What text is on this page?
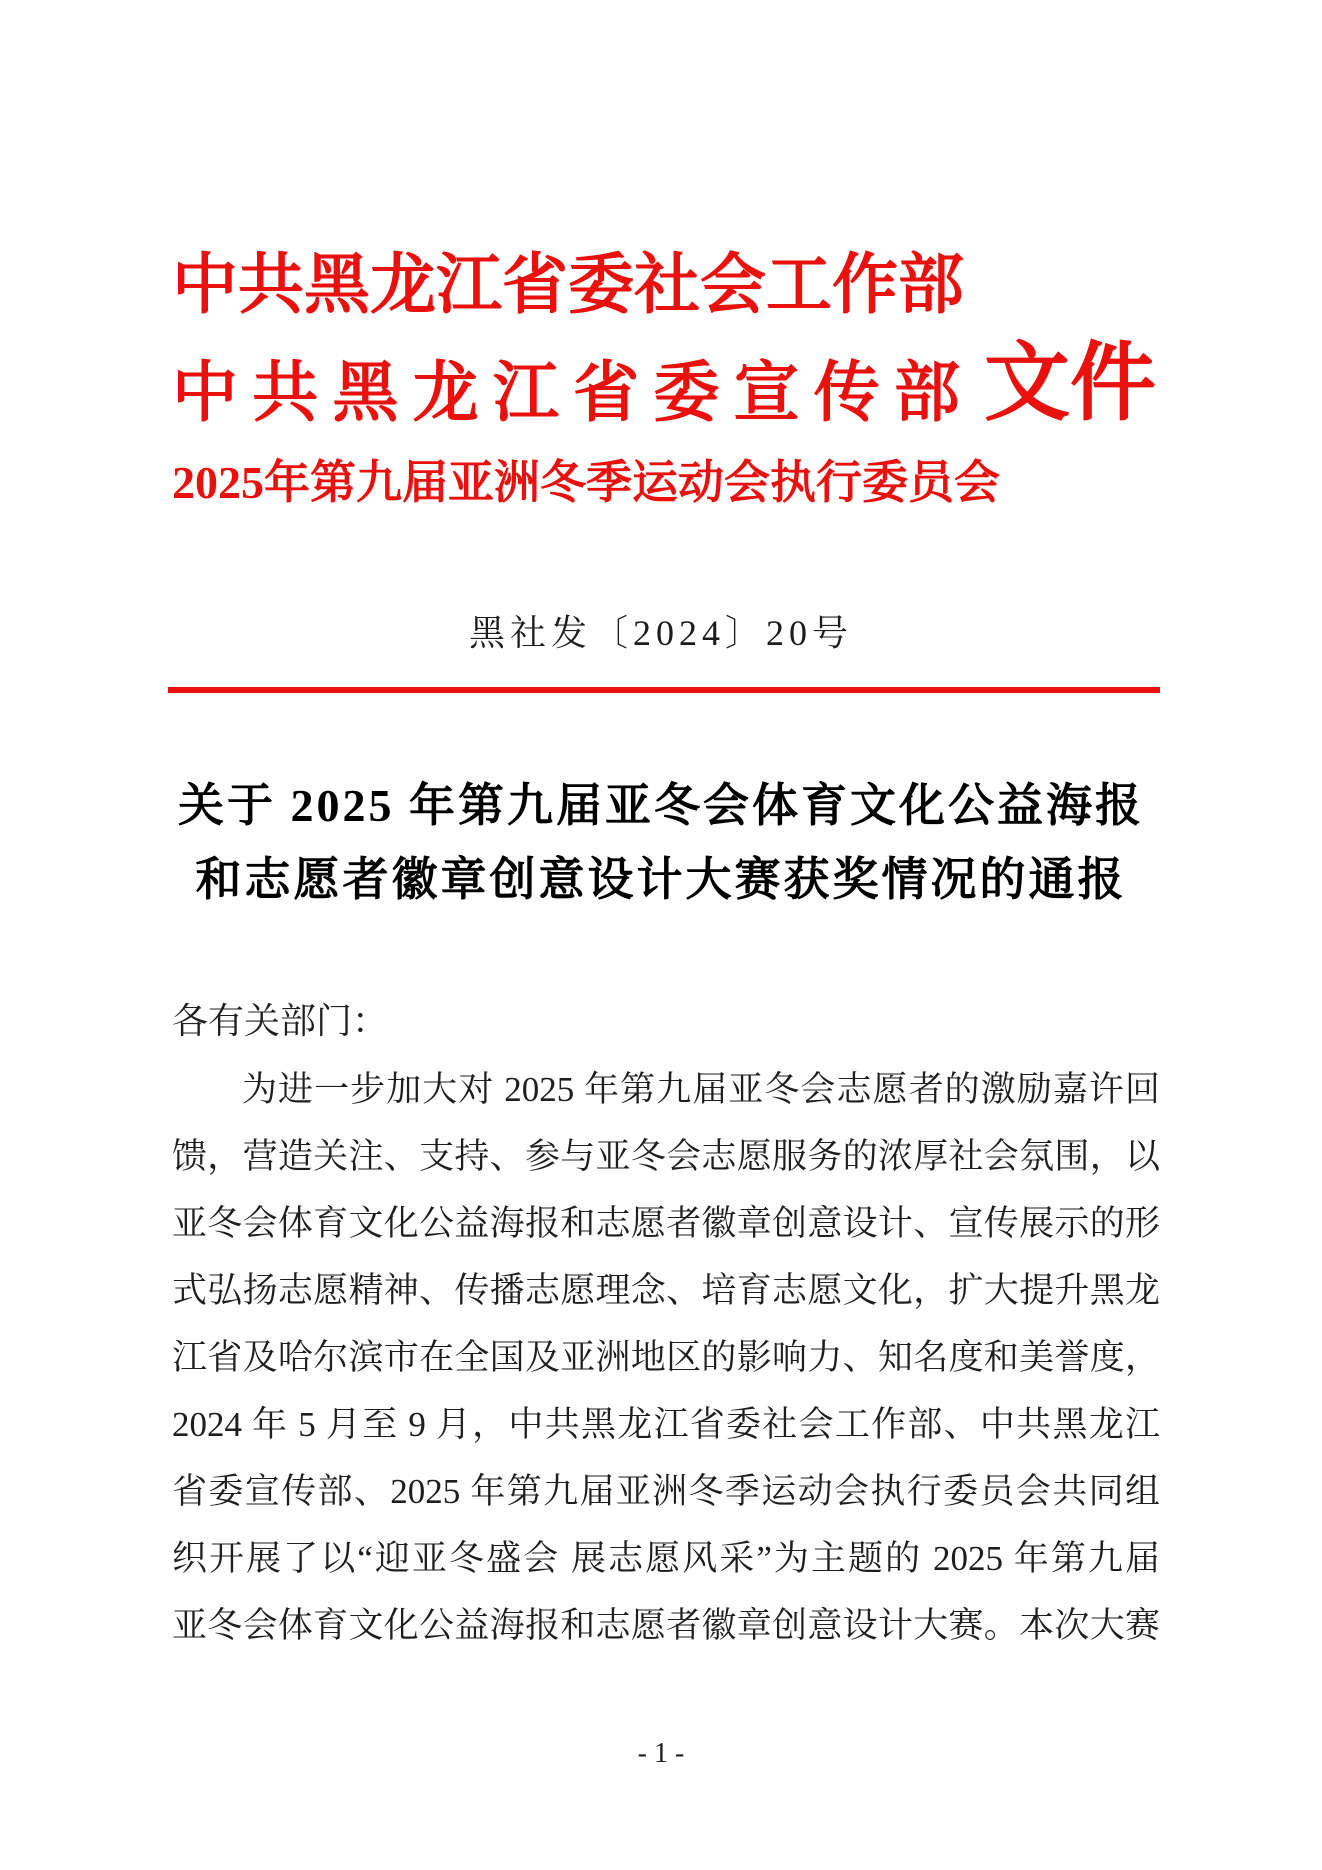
中共黑龙江省委社会工作部
中共黑龙江省委宣传部 文件
2025年第九届亚洲冬季运动会执行委员会
黑社发〔2024〕20号
关于 2025 年第九届亚冬会体育文化公益海报
和志愿者徽章创意设计大赛获奖情况的通报
各有关部门：
为进一步加大对 2025 年第九届亚冬会志愿者的激励嘉许回
馈，营造关注、支持、参与亚冬会志愿服务的浓厚社会氛围，以
亚冬会体育文化公益海报和志愿者徽章创意设计、宣传展示的形
式弘扬志愿精神、传播志愿理念、培育志愿文化，扩大提升黑龙
江省及哈尔滨市在全国及亚洲地区的影响力、知名度和美誉度，
2024 年 5 月至 9 月，中共黑龙江省委社会工作部、中共黑龙江
省委宣传部、2025 年第九届亚洲冬季运动会执行委员会共同组
织开展了以“迎亚冬盛会 展志愿风采”为主题的 2025 年第九届
亚冬会体育文化公益海报和志愿者徽章创意设计大赛。本次大赛
- 1 -
